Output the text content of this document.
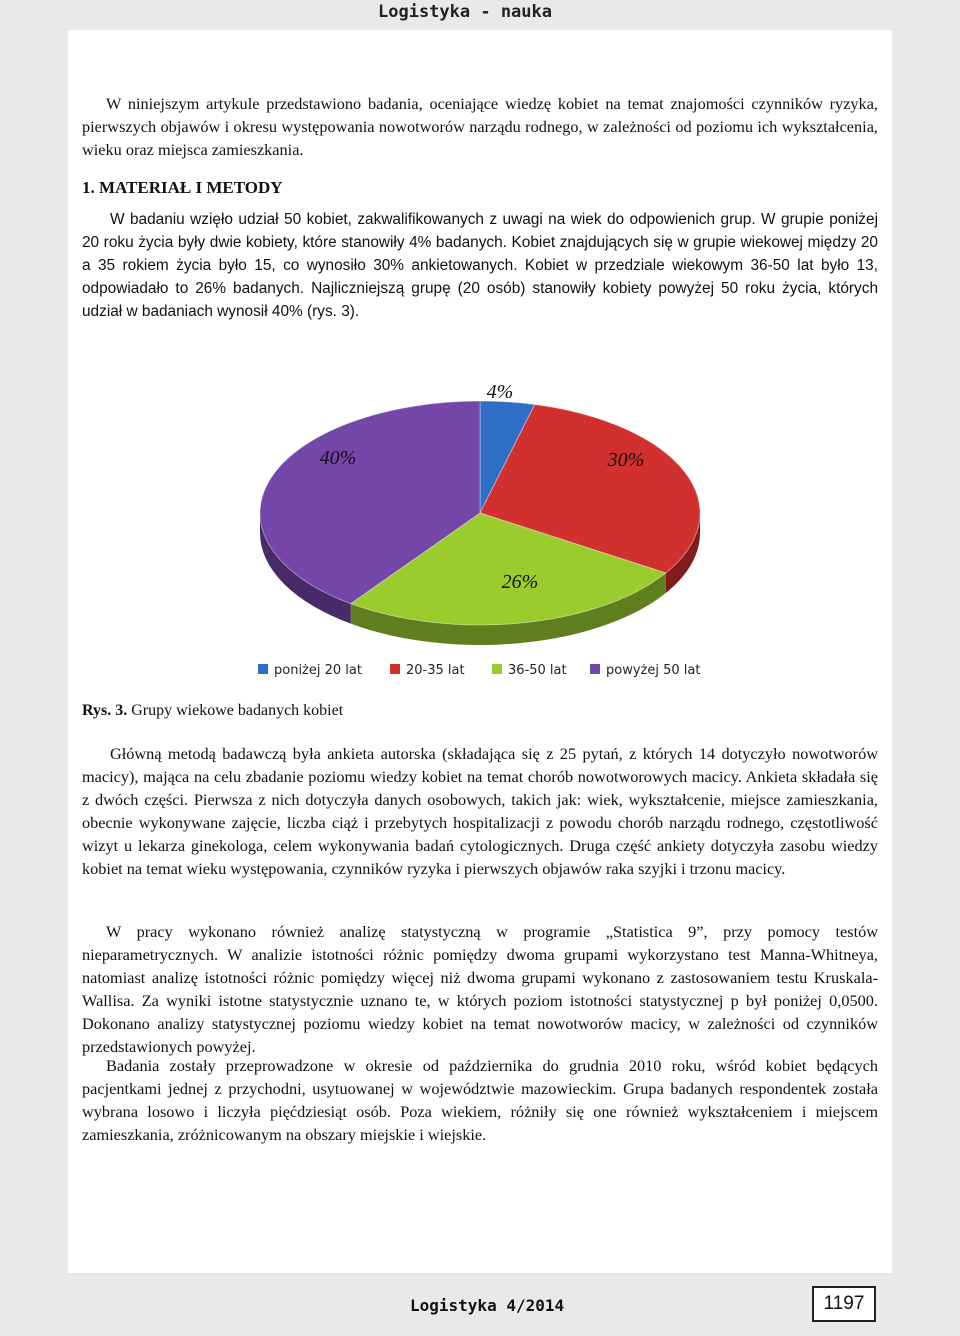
Logistyka - nauka

W niniejszym artykule przedstawiono badania, oceniające wiedzę kobiet na temat znajomości czynników ryzyka, pierwszych objawów i okresu występowania nowotworów narządu rodnego, w zależności od poziomu ich wykształcenia, wieku oraz miejsca zamieszkania.

1. MATERIAŁ I METODY

W badaniu wzięło udział 50 kobiet, zakwalifikowanych z uwagi na wiek do odpowienich grup. W grupie poniżej 20 roku życia były dwie kobiety, które stanowiły 4% badanych. Kobiet znajdujących się w grupie wiekowej między 20 a 35 rokiem życia było 15, co wynosiło 30% ankietowanych. Kobiet w przedziale wiekowym 36-50 lat było 13, odpowiadało to 26% badanych. Najliczniejszą grupę (20 osób) stanowiły kobiety powyżej 50 roku życia, których udział w badaniach wynosił 40% (rys. 3).

4%
30%
26%
40%
poniżej 20 lat	20-35 lat	36-50 lat	powyżej 50 lat

Rys. 3. Grupy wiekowe badanych kobiet

Główną metodą badawczą była ankieta autorska (składająca się z 25 pytań, z których 14 dotyczyło nowotworów macicy), mająca na celu zbadanie poziomu wiedzy kobiet na temat chorób nowotworowych macicy. Ankieta składała się z dwóch części. Pierwsza z nich dotyczyła danych osobowych, takich jak: wiek, wykształcenie, miejsce zamieszkania, obecnie wykonywane zajęcie, liczba ciąż i przebytych hospitalizacji z powodu chorób narządu rodnego, częstotliwość wizyt u lekarza ginekologa, celem wykonywania badań cytologicznych. Druga część ankiety dotyczyła zasobu wiedzy kobiet na temat wieku występowania, czynników ryzyka i pierwszych objawów raka szyjki i trzonu macicy.

W pracy wykonano również analizę statystyczną w programie „Statistica 9”, przy pomocy testów nieparametrycznych. W analizie istotności różnic pomiędzy dwoma grupami wykorzystano test Manna-Whitneya, natomiast analizę istotności różnic pomiędzy więcej niż dwoma grupami wykonano z zastosowaniem testu Kruskala-Wallisa. Za wyniki istotne statystycznie uznano te, w których poziom istotności statystycznej p był poniżej 0,0500. Dokonano analizy statystycznej poziomu wiedzy kobiet na temat nowotworów macicy, w zależności od czynników przedstawionych powyżej.

Badania zostały przeprowadzone w okresie od października do grudnia 2010 roku, wśród kobiet będących pacjentkami jednej z przychodni, usytuowanej w województwie mazowieckim. Grupa badanych respondentek została wybrana losowo i liczyła pięćdziesiąt osób. Poza wiekiem, różniły się one również wykształceniem i miejscem zamieszkania, zróżnicowanym na obszary miejskie i wiejskie.

Logistyka 4/2014	1197
